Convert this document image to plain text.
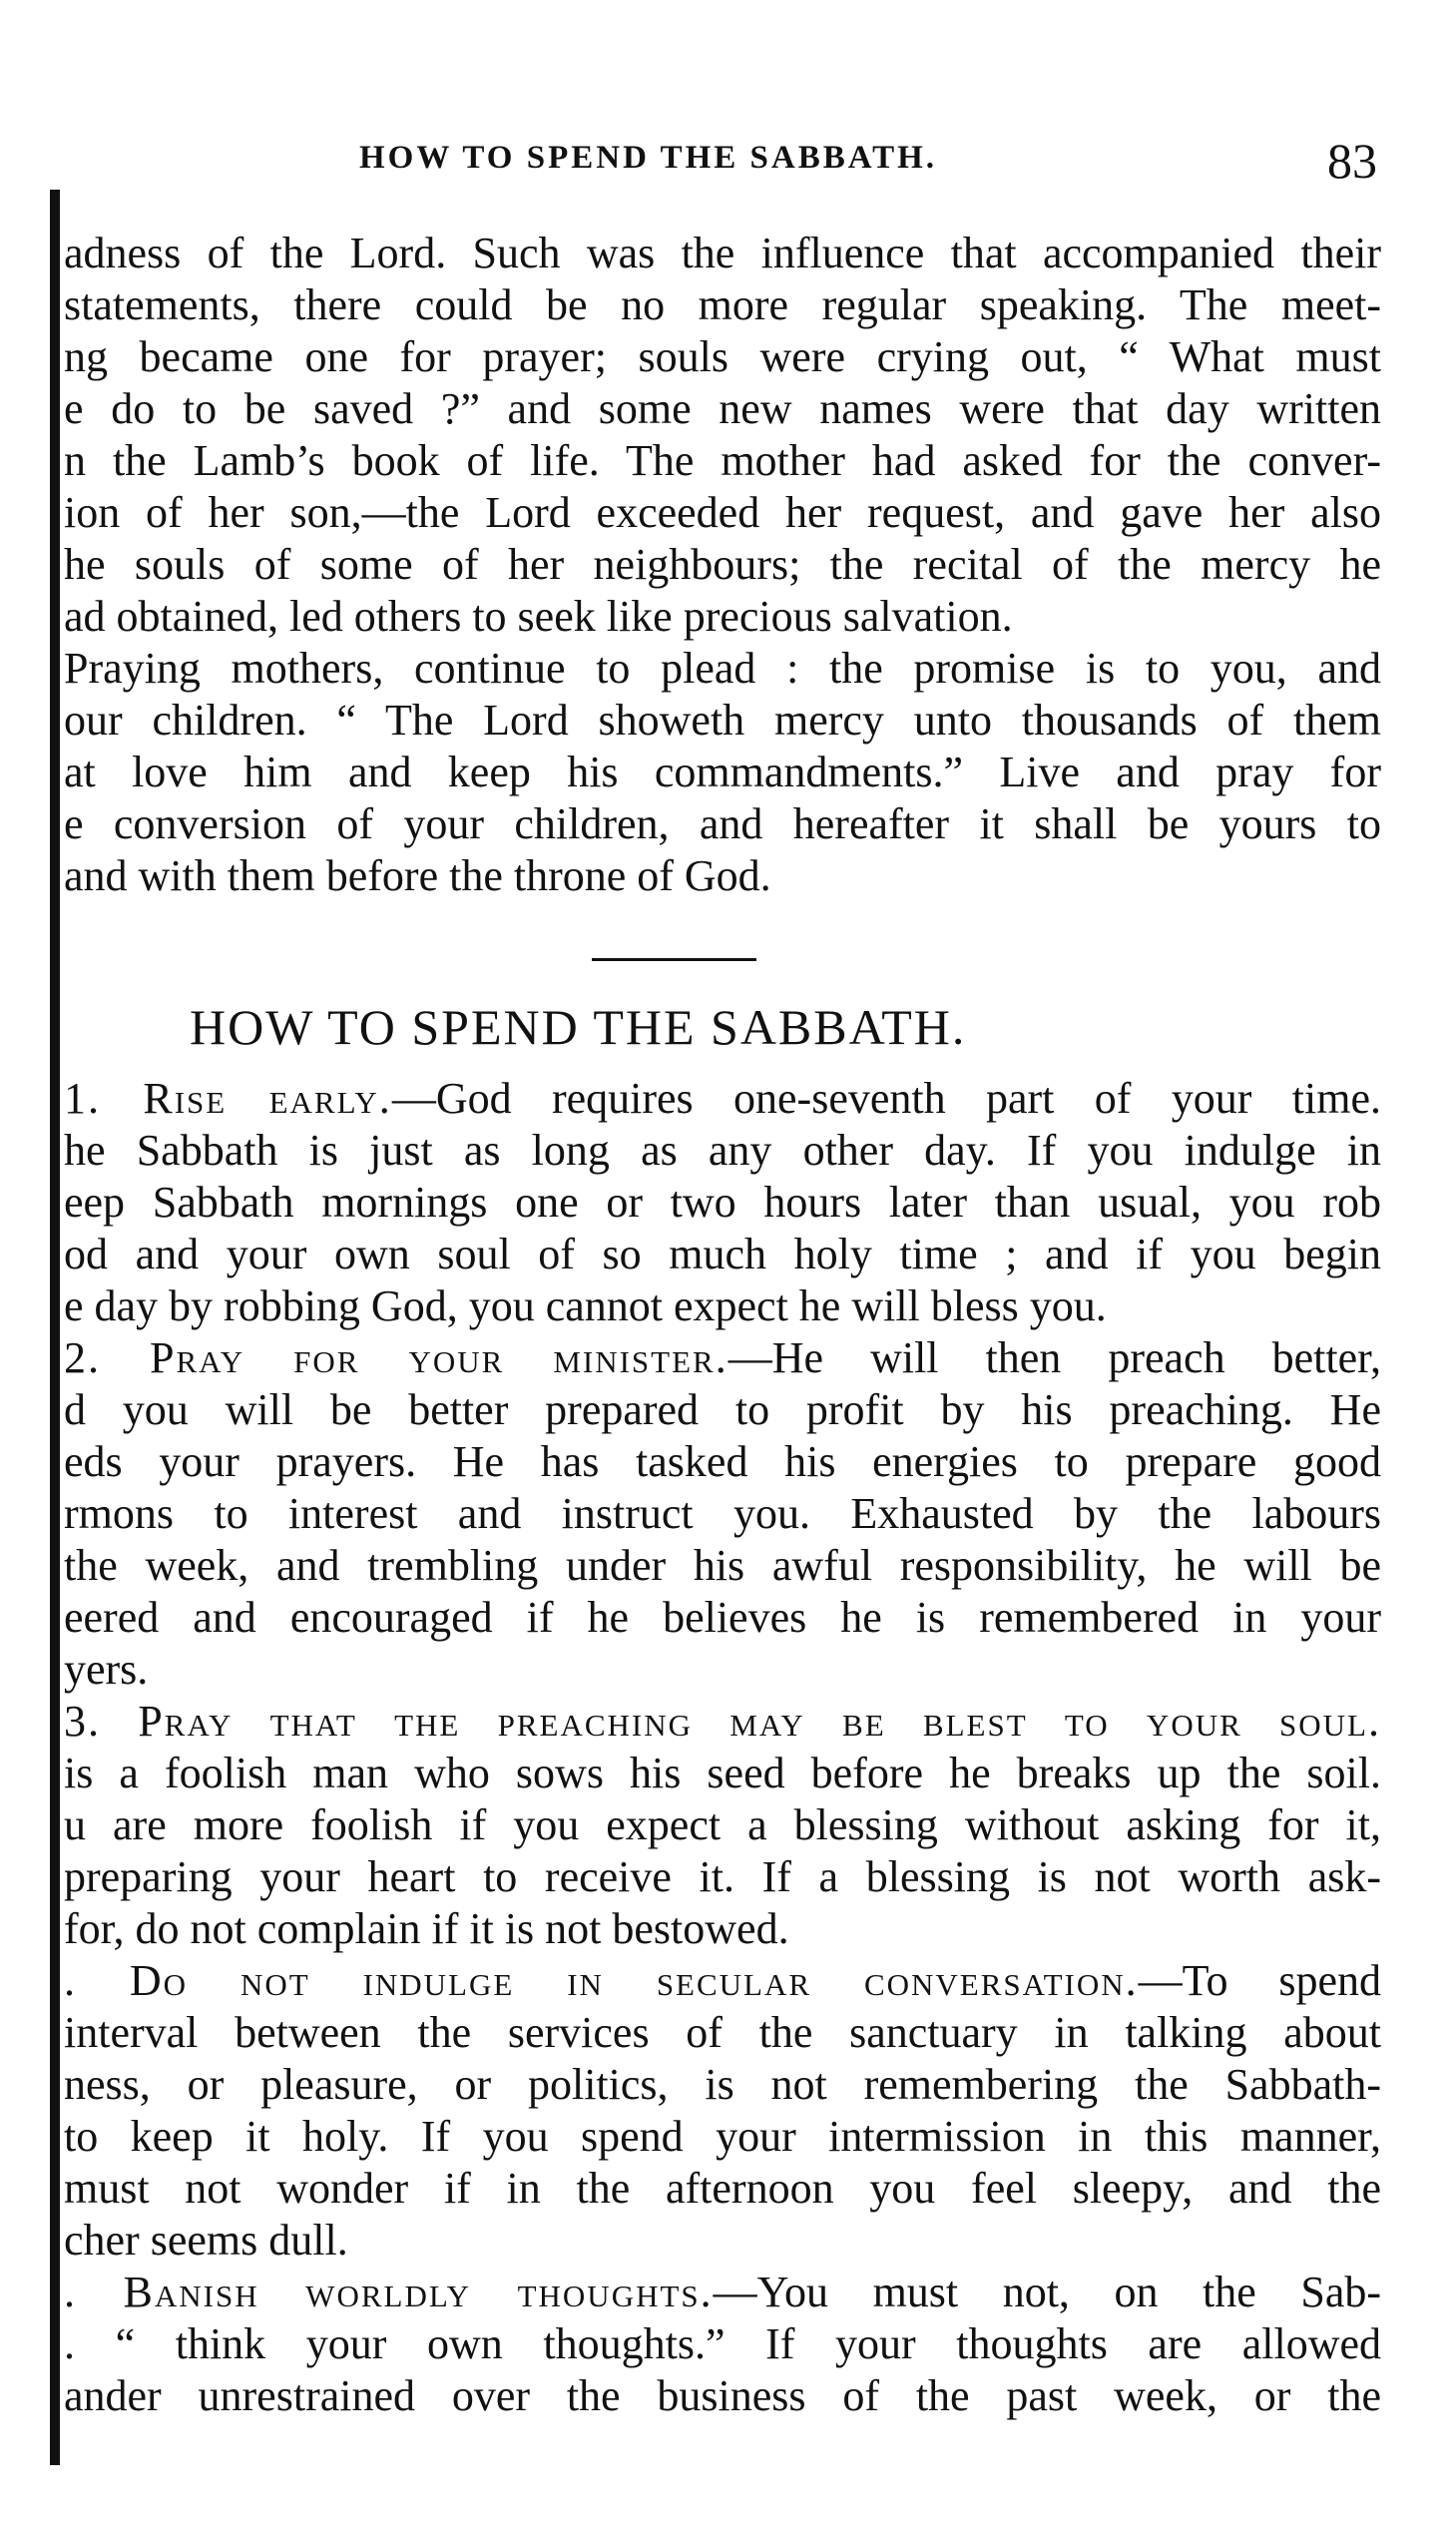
HOW TO SPEND THE SABBATH.	83
adness of the Lord. Such was the influence that accompanied their
statements, there could be no more regular speaking. The meet-
ng became one for prayer; souls were crying out, “ What must
e do to be saved ?” and some new names were that day written
n the Lamb’s book of life. The mother had asked for the conver-
ion of her son,—the Lord exceeded her request, and gave her also
he souls of some of her neighbours; the recital of the mercy he
ad obtained, led others to seek like precious salvation.
Praying mothers, continue to plead : the promise is to you, and
our children. “ The Lord showeth mercy unto thousands of them
at love him and keep his commandments.” Live and pray for
e conversion of your children, and hereafter it shall be yours to
and with them before the throne of God.
HOW TO SPEND THE SABBATH.
1. Rise early.—God requires one-seventh part of your time.
he Sabbath is just as long as any other day. If you indulge in
eep Sabbath mornings one or two hours later than usual, you rob
od and your own soul of so much holy time ; and if you begin
e day by robbing God, you cannot expect he will bless you.
2. Pray for your minister.—He will then preach better,
d you will be better prepared to profit by his preaching. He
eds your prayers. He has tasked his energies to prepare good
rmons to interest and instruct you. Exhausted by the labours
the week, and trembling under his awful responsibility, he will be
eered and encouraged if he believes he is remembered in your
yers.
3. Pray that the preaching may be blest to your soul.
is a foolish man who sows his seed before he breaks up the soil.
u are more foolish if you expect a blessing without asking for it,
preparing your heart to receive it. If a blessing is not worth ask-
for, do not complain if it is not bestowed.
. Do not indulge in secular conversation.—To spend
interval between the services of the sanctuary in talking about
ness, or pleasure, or politics, is not remembering the Sabbath-
to keep it holy. If you spend your intermission in this manner,
must not wonder if in the afternoon you feel sleepy, and the
cher seems dull.
. Banish worldly thoughts.—You must not, on the Sab-
. “ think your own thoughts.” If your thoughts are allowed
ander unrestrained over the business of the past week, or the
